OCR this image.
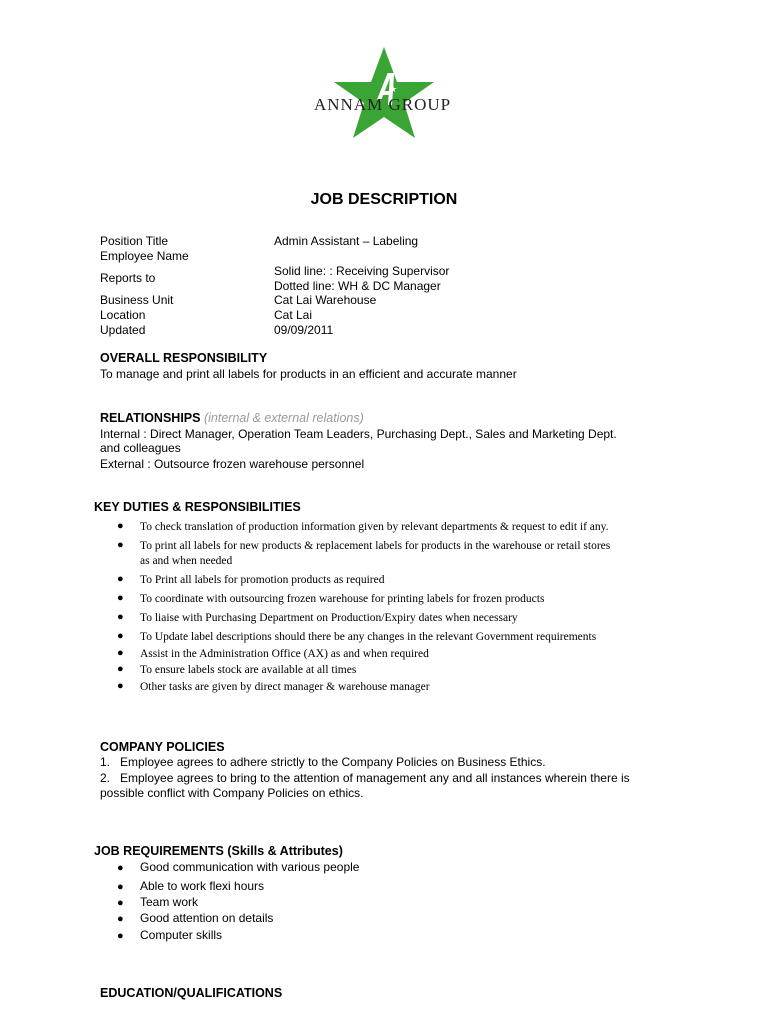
★
ANNAM GROUP
JOB DESCRIPTION
Position Title	Admin Assistant – Labeling
Employee Name
Reports to	Solid line: : Receiving Supervisor
Dotted line: WH & DC Manager
Business Unit	Cat Lai Warehouse
Location	Cat Lai
Updated	09/09/2011
OVERALL RESPONSIBILITY
To manage and print all labels for products in an efficient and accurate manner
RELATIONSHIPS (internal & external relations)
Internal : Direct Manager, Operation Team Leaders, Purchasing Dept., Sales and Marketing Dept.
and colleagues
External : Outsource frozen warehouse personnel
KEY DUTIES & RESPONSIBILITIES
● To check translation of production information given by relevant departments & request to edit if any.
● To print all labels for new products & replacement labels for products in the warehouse or retail stores
as and when needed
● To Print all labels for promotion products as required
● To coordinate with outsourcing frozen warehouse for printing labels for frozen products
● To liaise with Purchasing Department on Production/Expiry dates when necessary
● To Update label descriptions should there be any changes in the relevant Government requirements
● Assist in the Administration Office (AX) as and when required
● To ensure labels stock are available at all times
● Other tasks are given by direct manager & warehouse manager
COMPANY POLICIES
1.   Employee agrees to adhere strictly to the Company Policies on Business Ethics.
2.   Employee agrees to bring to the attention of management any and all instances wherein there is
possible conflict with Company Policies on ethics.
JOB REQUIREMENTS (Skills & Attributes)
● Good communication with various people
● Able to work flexi hours
● Team work
● Good attention on details
● Computer skills
EDUCATION/QUALIFICATIONS
